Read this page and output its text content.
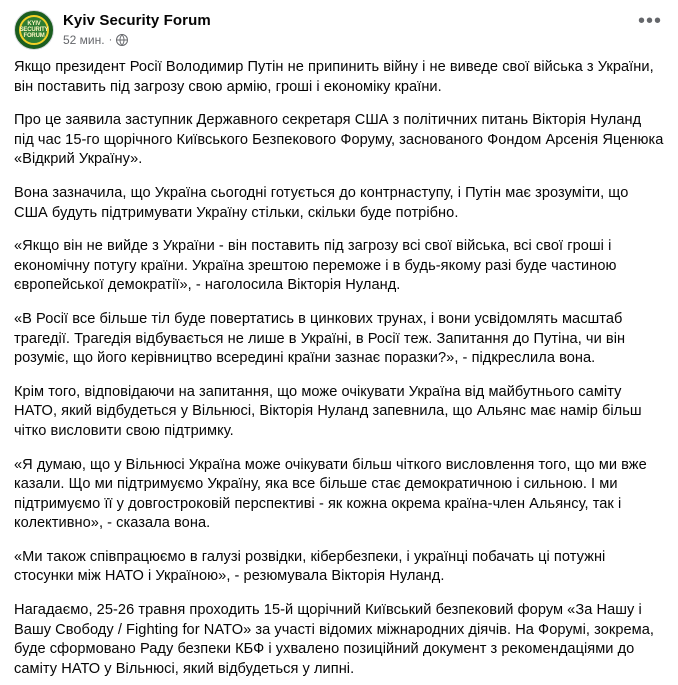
KYIV SECURITY FORUM
Kyiv Security Forum
52 мин. ·
•••

Якщо президент Росії Володимир Путін не припинить війну і не виведе свої війська з України, він поставить під загрозу свою армію, гроші і економіку країни.

Про це заявила заступник Державного секретаря США з політичних питань Вікторія Нуланд під час 15-го щорічного Київського Безпекового Форуму, заснованого Фондом Арсенія Яценюка «Відкрий Україну».

Вона зазначила, що Україна сьогодні готується до контрнаступу, і Путін має зрозуміти, що США будуть підтримувати Україну стільки, скільки буде потрібно.

«Якщо він не вийде з України - він поставить під загрозу всі свої війська, всі свої гроші і економічну потугу країни. Україна зрештою переможе і в будь-якому разі буде частиною європейської демократії», - наголосила Вікторія Нуланд.

«В Росії все більше тіл буде повертатись в цинкових трунах, і вони усвідомлять масштаб трагедії. Трагедія відбувається не лише в Україні, в Росії теж. Запитання до Путіна, чи він розуміє, що його керівництво всередині країни зазнає поразки?», - підкреслила вона.

Крім того, відповідаючи на запитання, що може очікувати Україна від майбутнього саміту НАТО, який відбудеться у Вільнюсі, Вікторія Нуланд запевнила, що Альянс має намір більш чітко висловити свою підтримку.

«Я думаю, що у Вільнюсі Україна може очікувати більш чіткого висловлення того, що ми вже казали. Що ми підтримуємо Україну, яка все більше стає демократичною і сильною. І ми підтримуємо її у довгостроковій перспективі - як кожна окрема країна-член Альянсу, так і колективно», - сказала вона.

«Ми також співпрацюємо в галузі розвідки, кібербезпеки, і українці побачать ці потужні стосунки між НАТО і Україною», - резюмувала Вікторія Нуланд.

Нагадаємо, 25-26 травня проходить 15-й щорічний Київський безпековий форум «За Нашу і Вашу Свободу / Fighting for NATO» за участі відомих міжнародних діячів. На Форумі, зокрема, буде сформовано Раду безпеки КБФ і ухвалено позиційний документ з рекомендаціями до саміту НАТО у Вільнюсі, який відбудеться у липні.
